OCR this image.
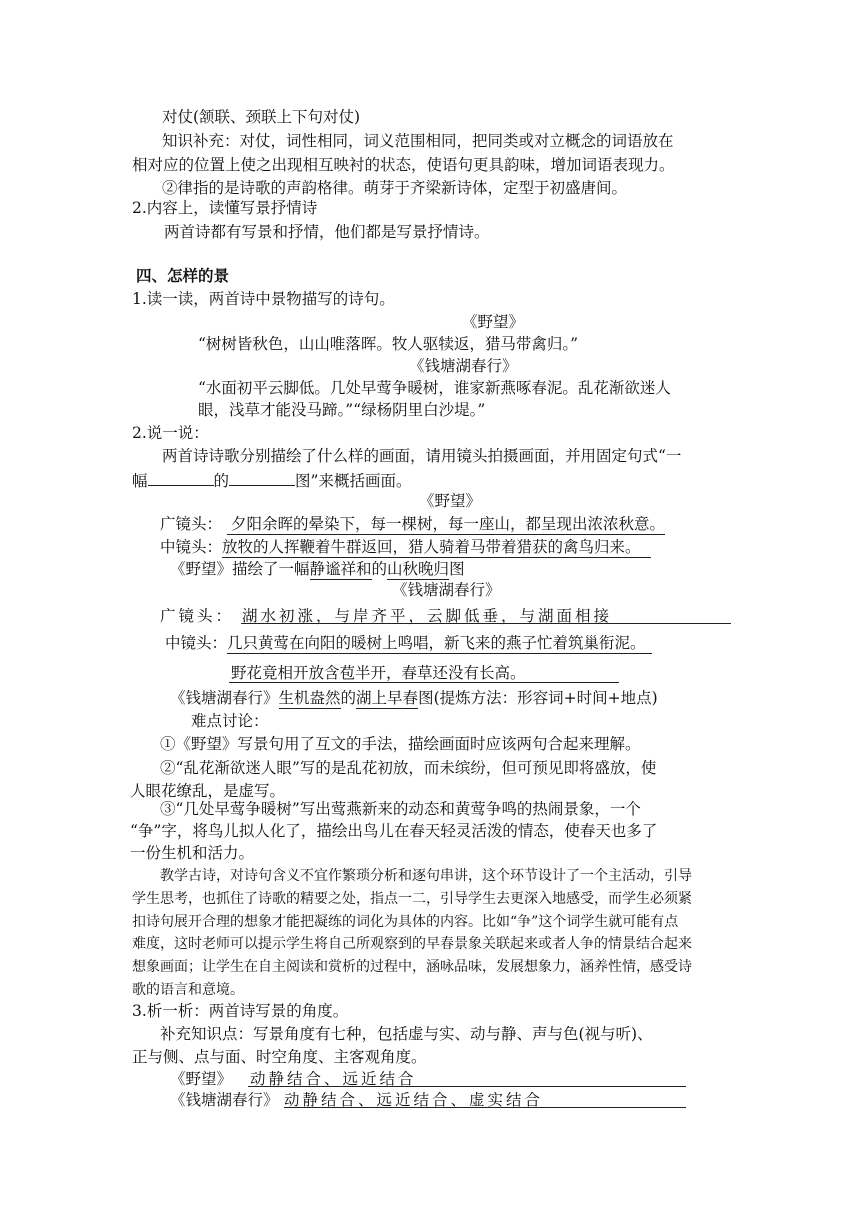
对仗(颔联、颈联上下句对仗)
知识补充：对仗，词性相同，词义范围相同，把同类或对立概念的词语放在
相对应的位置上使之出现相互映衬的状态，使语句更具韵味，增加词语表现力。
②律指的是诗歌的声韵格律。萌芽于齐梁新诗体，定型于初盛唐间。
2.内容上，读懂写景抒情诗
两首诗都有写景和抒情，他们都是写景抒情诗。
四、怎样的景
1.读一读，两首诗中景物描写的诗句。
《野望》
“树树皆秋色，山山唯落晖。牧人驱犊返，猎马带禽归。”
《钱塘湖春行》
“水面初平云脚低。几处早莺争暖树，谁家新燕啄春泥。乱花渐欲迷人
眼，浅草才能没马蹄。”“绿杨阴里白沙堤。”
2.说一说：
两首诗诗歌分别描绘了什么样的画面，请用镜头拍摄画面，并用固定句式“一
幅	的	图”来概括画面。
《野望》
广镜头： 夕阳余晖的晕染下，每一棵树，每一座山，都呈现出浓浓秋意。
中镜头：放牧的人挥鞭着牛群返回，猎人骑着马带着猎获的禽鸟归来。
《野望》描绘了一幅静谧祥和的山秋晚归图
《钱塘湖春行》
广镜头： 湖水初涨，与岸齐平，云脚低垂，与湖面相接
中镜头：几只黄莺在向阳的暖树上鸣唱，新飞来的燕子忙着筑巢衔泥。
野花竟相开放含苞半开，春草还没有长高。
《钱塘湖春行》生机盎然的湖上早春图(提炼方法：形容词+时间+地点)
难点讨论：
①《野望》写景句用了互文的手法，描绘画面时应该两句合起来理解。
②“乱花渐欲迷人眼”写的是乱花初放，而未缤纷，但可预见即将盛放，使
人眼花缭乱，是虚写。
③“几处早莺争暖树”写出莺燕新来的动态和黄莺争鸣的热闹景象，一个
“争”字，将鸟儿拟人化了，描绘出鸟儿在春天轻灵活泼的情态，使春天也多了
一份生机和活力。
教学古诗，对诗句含义不宜作繁琐分析和逐句串讲，这个环节设计了一个主活动，引导
学生思考，也抓住了诗歌的精要之处，指点一二，引导学生去更深入地感受，而学生必须紧
扣诗句展开合理的想象才能把凝练的词化为具体的内容。比如“争”这个词学生就可能有点
难度，这时老师可以提示学生将自己所观察到的早春景象关联起来或者人争的情景结合起来
想象画面；让学生在自主阅读和赏析的过程中，涵咏品味，发展想象力，涵养性情，感受诗
歌的语言和意境。
3.析一析：两首诗写景的角度。
补充知识点：写景角度有七种，包括虚与实、动与静、声与色(视与听)、
正与侧、点与面、时空角度、主客观角度。
《野望》 动静结合、远近结合
《钱塘湖春行》 动静结合、远近结合、虚实结合
